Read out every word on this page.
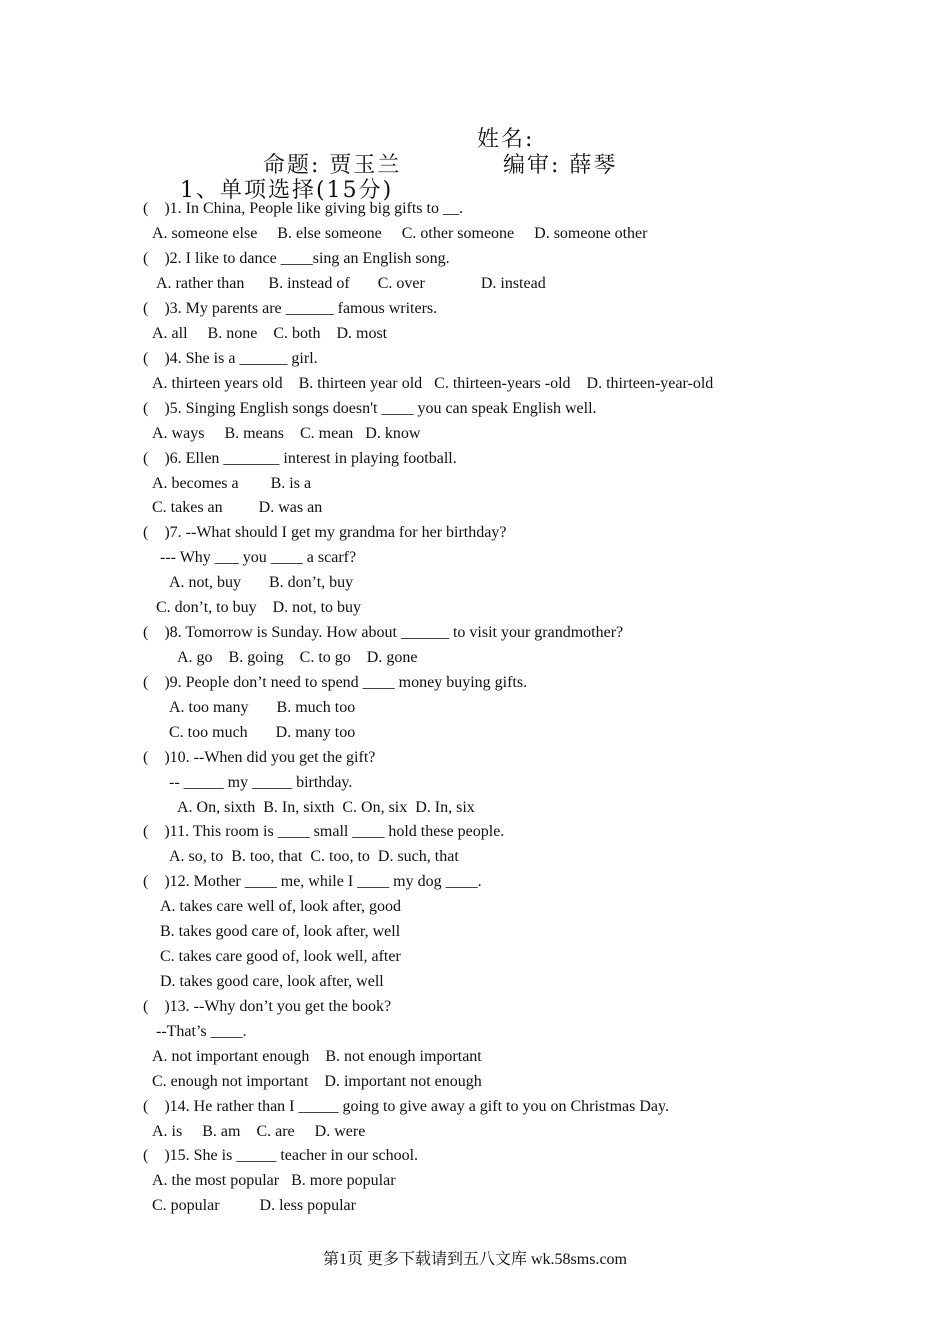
姓名:
命题: 贾玉兰	编审: 薛琴
1、单项选择(15分)
(    )1. In China, People like giving big gifts to __.
A. someone else     B. else someone     C. other someone     D. someone other
(    )2. I like to dance ____sing an English song.
A. rather than      B. instead of       C. over              D. instead
(    )3. My parents are ______ famous writers.
A. all     B. none    C. both    D. most
(    )4. She is a ______ girl.
A. thirteen years old    B. thirteen year old   C. thirteen-years -old    D. thirteen-year-old
(    )5. Singing English songs doesn't ____ you can speak English well.
A. ways     B. means    C. mean   D. know
(    )6. Ellen _______ interest in playing football.
A. becomes a        B. is a
C. takes an         D. was an
(    )7. --What should I get my grandma for her birthday?
--- Why ___ you ____ a scarf?
A. not, buy       B. don’t, buy
C. don’t, to buy    D. not, to buy
(    )8. Tomorrow is Sunday. How about ______ to visit your grandmother?
A. go    B. going    C. to go    D. gone
(    )9. People don’t need to spend ____ money buying gifts.
A. too many       B. much too
C. too much       D. many too
(    )10. --When did you get the gift?
-- _____ my _____ birthday.
A. On, sixth  B. In, sixth  C. On, six  D. In, six
(    )11. This room is ____ small ____ hold these people.
A. so, to  B. too, that  C. too, to  D. such, that
(    )12. Mother ____ me, while I ____ my dog ____.
A. takes care well of, look after, good
B. takes good care of, look after, well
C. takes care good of, look well, after
D. takes good care, look after, well
(    )13. --Why don’t you get the book?
--That’s ____.
A. not important enough    B. not enough important
C. enough not important    D. important not enough
(    )14. He rather than I _____ going to give away a gift to you on Christmas Day.
A. is     B. am    C. are     D. were
(    )15. She is _____ teacher in our school.
A. the most popular   B. more popular
C. popular          D. less popular
第1页 更多下载请到五八文库 wk.58sms.com
